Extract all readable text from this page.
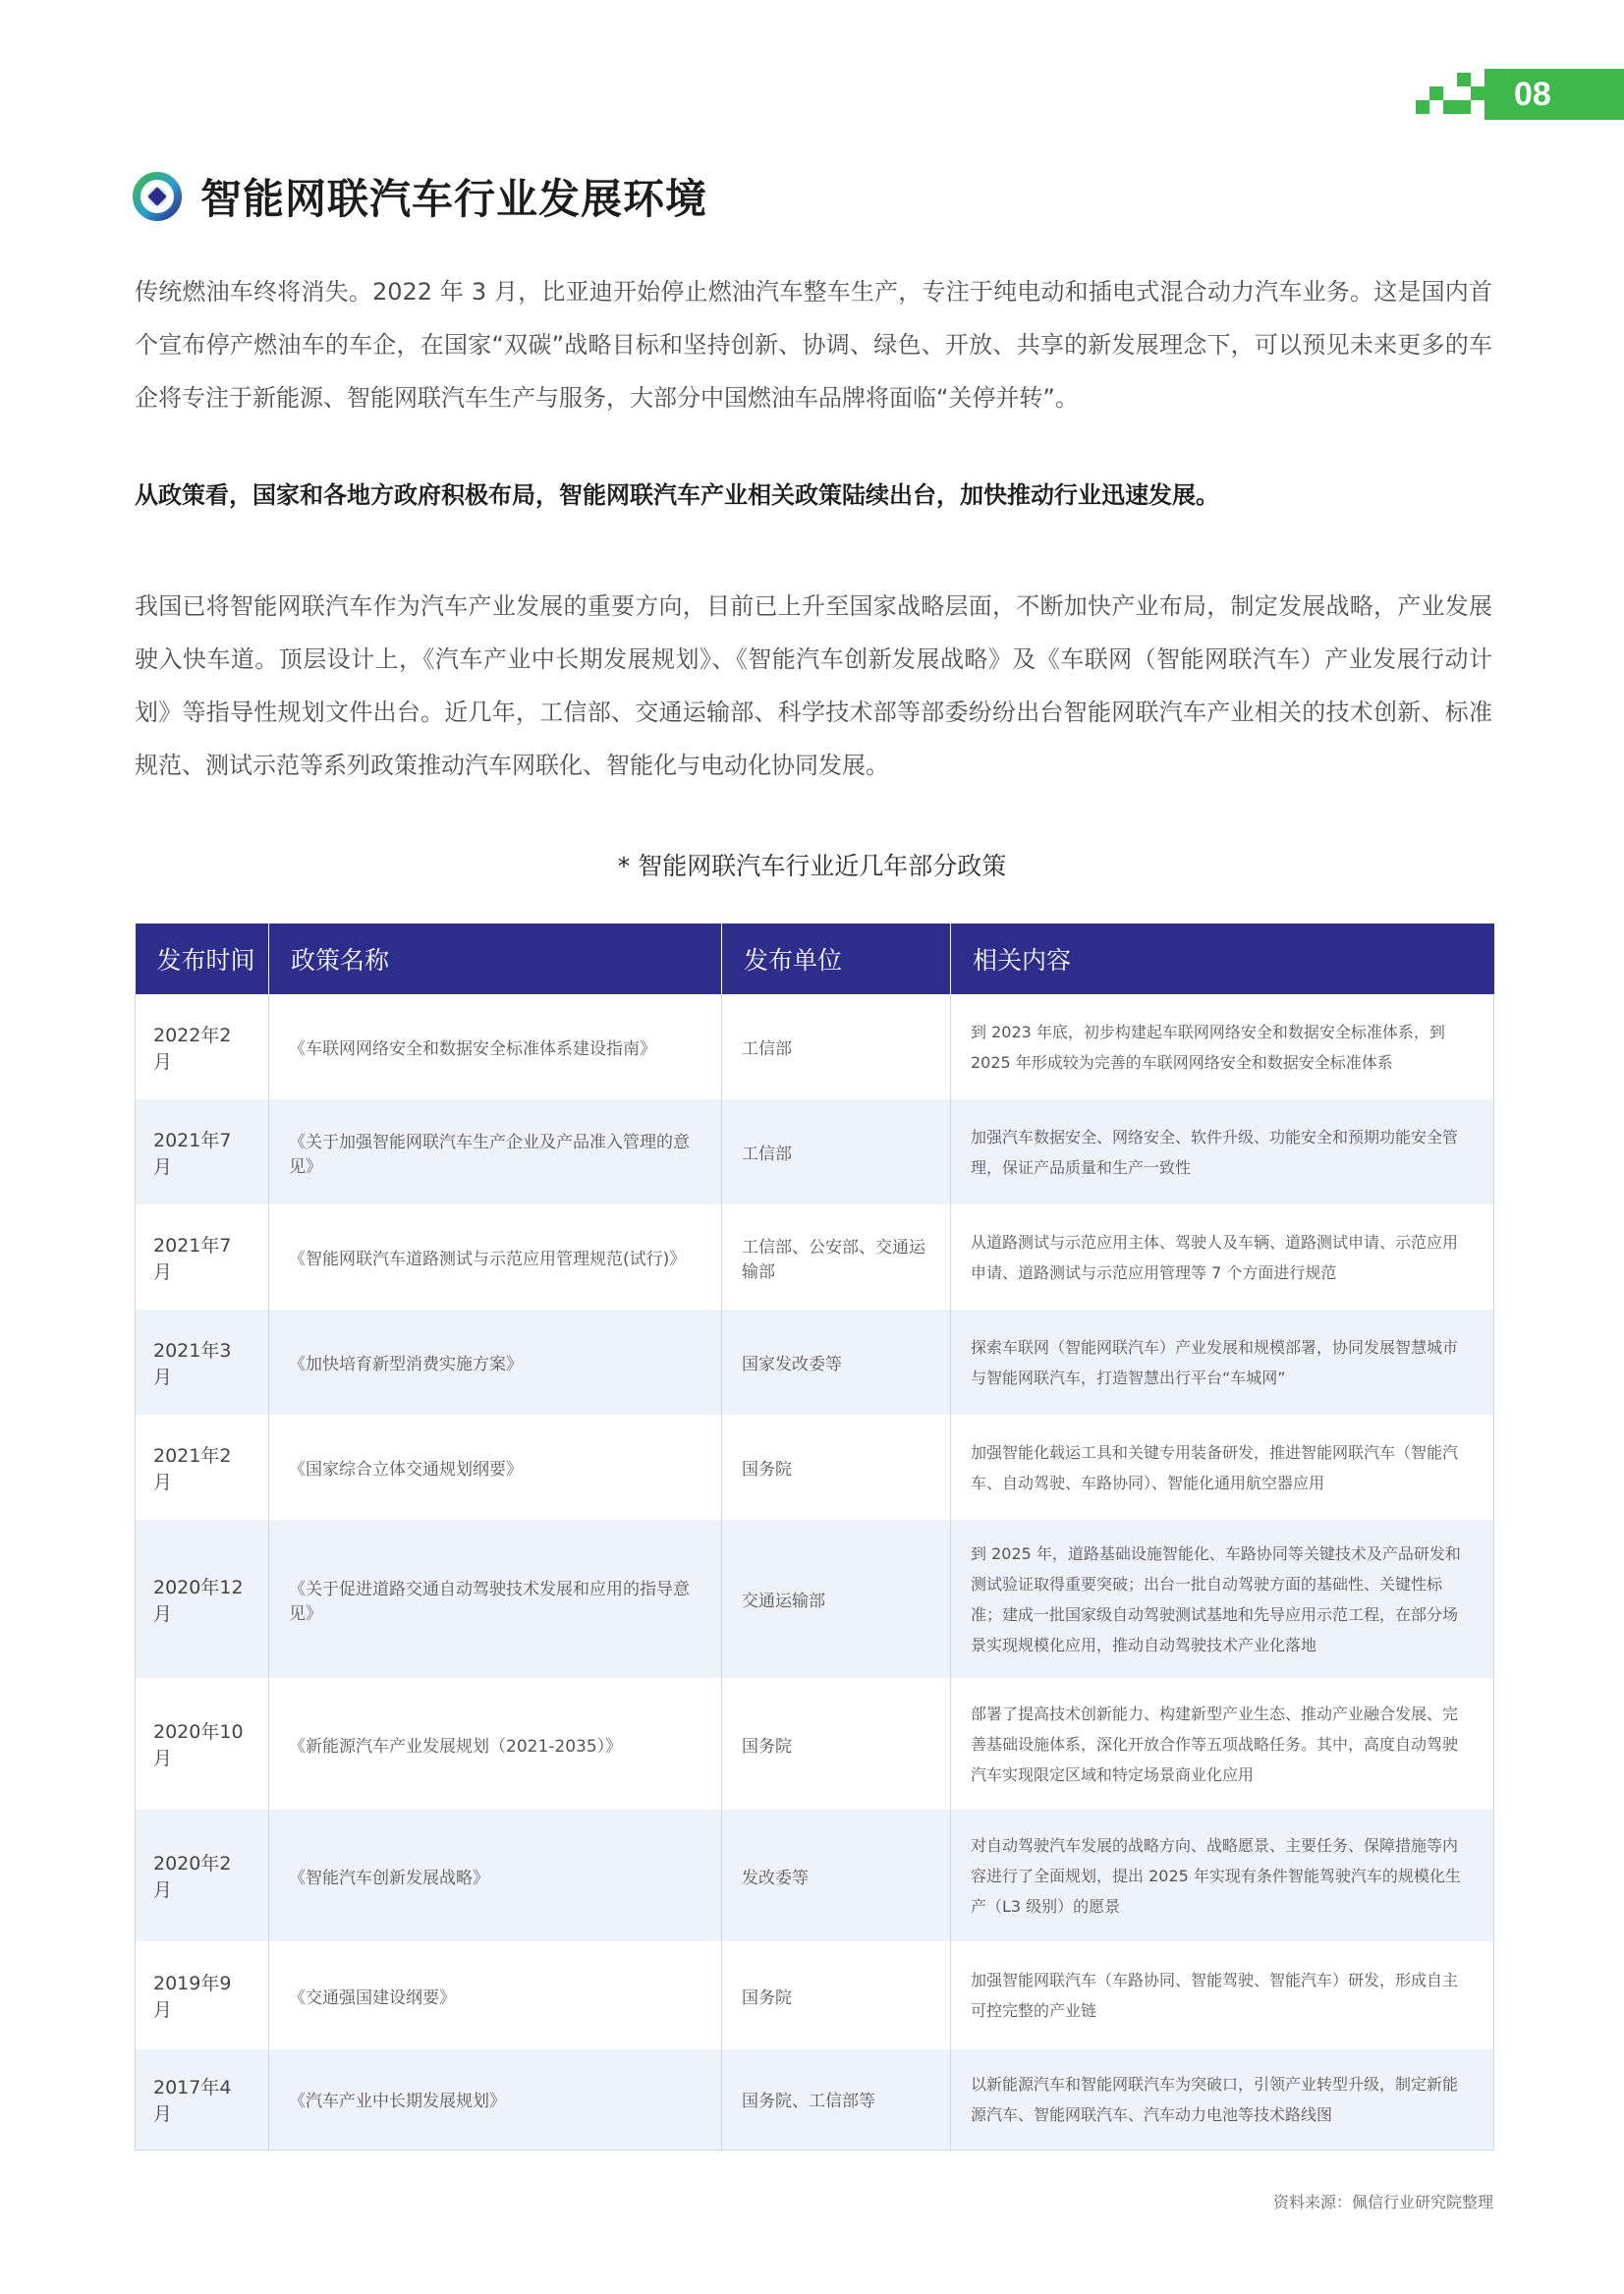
08
智能网联汽车行业发展环境

传统燃油车终将消失。2022 年 3 月，比亚迪开始停止燃油汽车整车生产，专注于纯电动和插电式混合动力汽车业务。这是国内首个宣布停产燃油车的车企，在国家“双碳”战略目标和坚持创新、协调、绿色、开放、共享的新发展理念下，可以预见未来更多的车企将专注于新能源、智能网联汽车生产与服务，大部分中国燃油车品牌将面临“关停并转”。

从政策看，国家和各地方政府积极布局，智能网联汽车产业相关政策陆续出台，加快推动行业迅速发展。

我国已将智能网联汽车作为汽车产业发展的重要方向，目前已上升至国家战略层面，不断加快产业布局，制定发展战略，产业发展驶入快车道。顶层设计上，《汽车产业中长期发展规划》、《智能汽车创新发展战略》及《车联网（智能网联汽车）产业发展行动计划》等指导性规划文件出台。近几年，工信部、交通运输部、科学技术部等部委纷纷出台智能网联汽车产业相关的技术创新、标准规范、测试示范等系列政策推动汽车网联化、智能化与电动化协同发展。

* 智能网联汽车行业近几年部分政策
发布时间	政策名称	发布单位	相关内容
2022年2月	《车联网网络安全和数据安全标准体系建设指南》	工信部	到 2023 年底，初步构建起车联网网络安全和数据安全标准体系，到 2025 年形成较为完善的车联网网络安全和数据安全标准体系
2021年7月	《关于加强智能网联汽车生产企业及产品准入管理的意见》	工信部	加强汽车数据安全、网络安全、软件升级、功能安全和预期功能安全管理，保证产品质量和生产一致性
2021年7月	《智能网联汽车道路测试与示范应用管理规范(试行)》	工信部、公安部、交通运输部	从道路测试与示范应用主体、驾驶人及车辆、道路测试申请、示范应用申请、道路测试与示范应用管理等 7 个方面进行规范
2021年3月	《加快培育新型消费实施方案》	国家发改委等	探索车联网（智能网联汽车）产业发展和规模部署，协同发展智慧城市与智能网联汽车，打造智慧出行平台“车城网”
2021年2月	《国家综合立体交通规划纲要》	国务院	加强智能化载运工具和关键专用装备研发，推进智能网联汽车（智能汽车、自动驾驶、车路协同）、智能化通用航空器应用
2020年12月	《关于促进道路交通自动驾驶技术发展和应用的指导意见》	交通运输部	到 2025 年，道路基础设施智能化、车路协同等关键技术及产品研发和测试验证取得重要突破；出台一批自动驾驶方面的基础性、关键性标准；建成一批国家级自动驾驶测试基地和先导应用示范工程，在部分场景实现规模化应用，推动自动驾驶技术产业化落地
2020年10月	《新能源汽车产业发展规划（2021-2035）》	国务院	部署了提高技术创新能力、构建新型产业生态、推动产业融合发展、完善基础设施体系，深化开放合作等五项战略任务。其中，高度自动驾驶汽车实现限定区域和特定场景商业化应用
2020年2月	《智能汽车创新发展战略》	发改委等	对自动驾驶汽车发展的战略方向、战略愿景、主要任务、保障措施等内容进行了全面规划，提出 2025 年实现有条件智能驾驶汽车的规模化生产（L3 级别）的愿景
2019年9月	《交通强国建设纲要》	国务院	加强智能网联汽车（车路协同、智能驾驶、智能汽车）研发，形成自主可控完整的产业链
2017年4月	《汽车产业中长期发展规划》	国务院、工信部等	以新能源汽车和智能网联汽车为突破口，引领产业转型升级，制定新能源汽车、智能网联汽车、汽车动力电池等技术路线图
资料来源：佩信行业研究院整理
